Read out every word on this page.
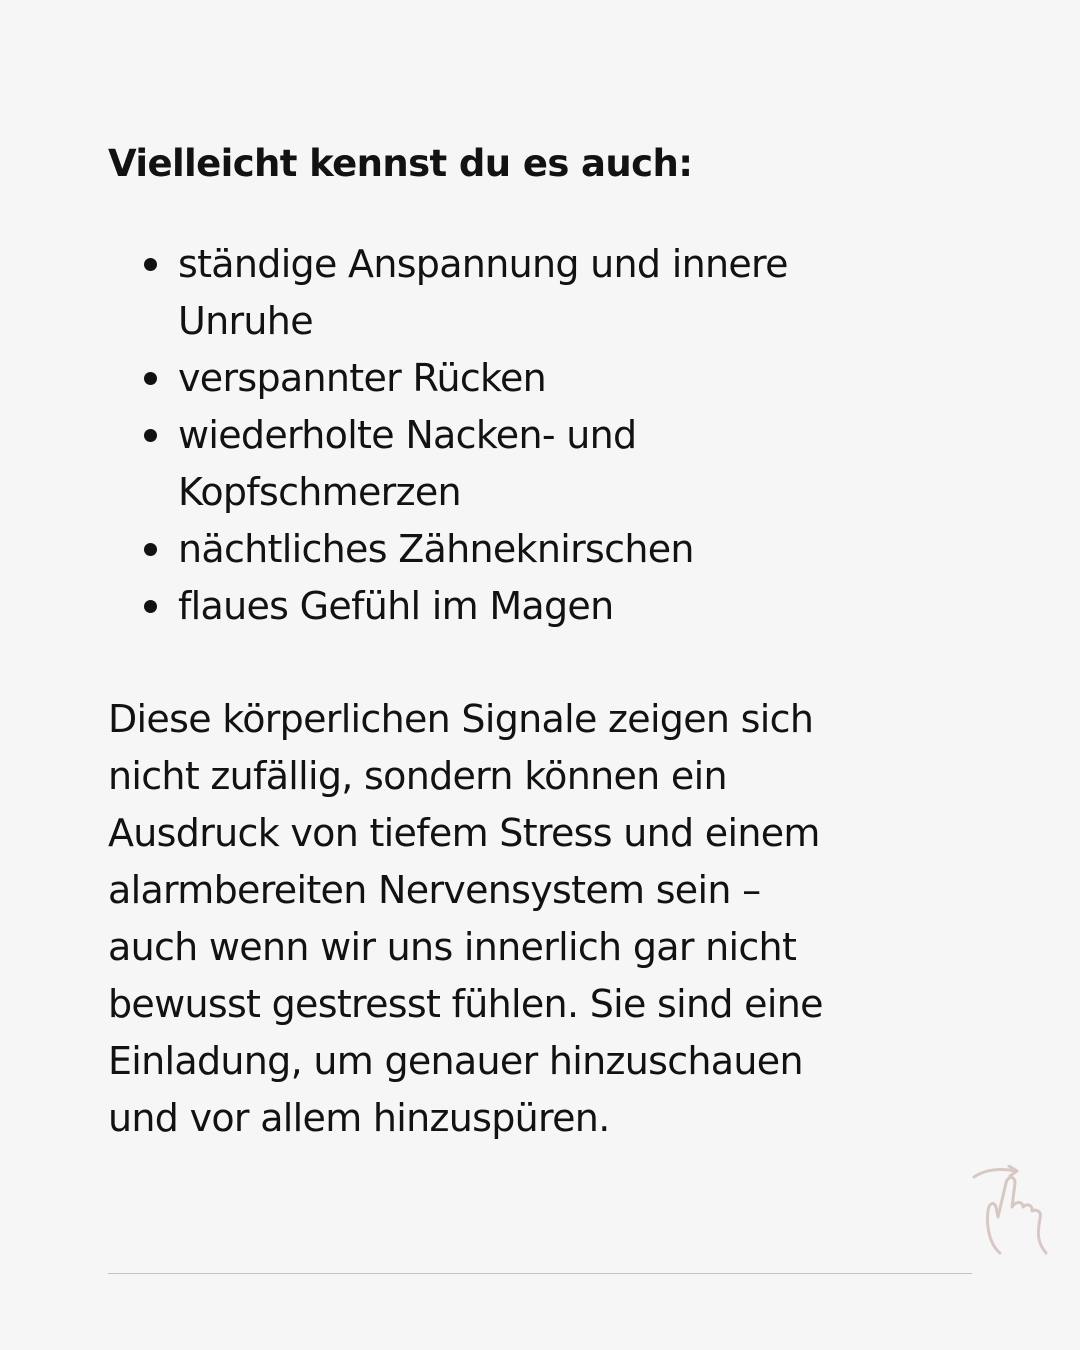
Vielleicht kennst du es auch:
ständige Anspannung und innere
Unruhe
verspannter Rücken
wiederholte Nacken- und
Kopfschmerzen
nächtliches Zähneknirschen
flaues Gefühl im Magen

Diese körperlichen Signale zeigen sich
nicht zufällig, sondern können ein
Ausdruck von tiefem Stress und einem
alarmbereiten Nervensystem sein –
auch wenn wir uns innerlich gar nicht
bewusst gestresst fühlen. Sie sind eine
Einladung, um genauer hinzuschauen
und vor allem hinzuspüren.
